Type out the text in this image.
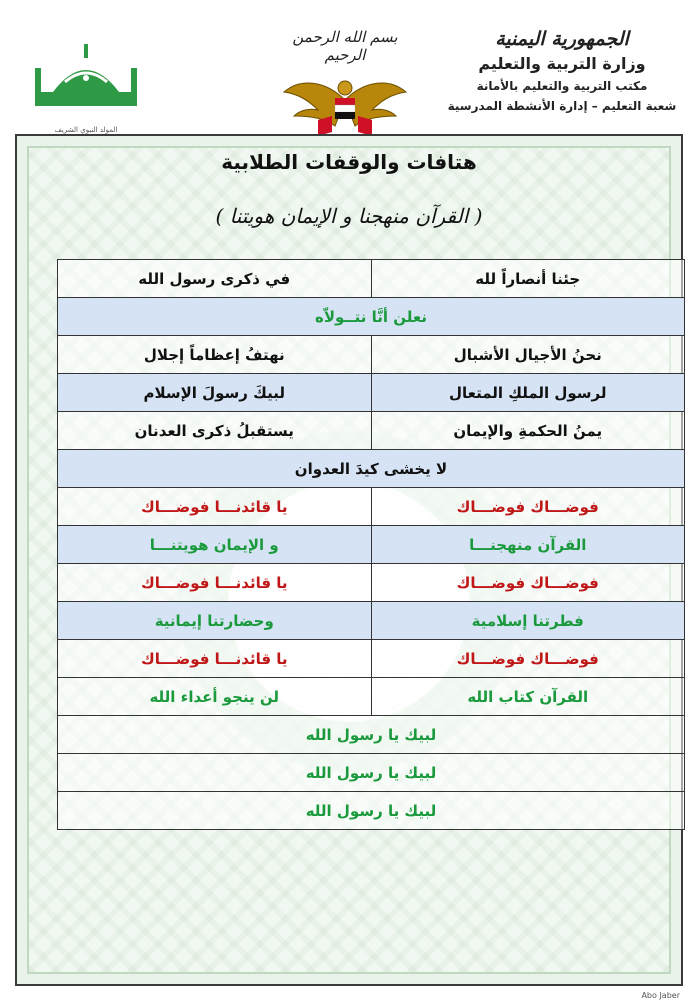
الجمهورية اليمنية
وزارة التربية والتعليم
مكتب التربية والتعليم بالأمانة
شعبة التعليم – إدارة الأنشطة المدرسية
بسم الله الرحمن الرحيم
المولد النبوي الشريف
هتافات والوقفات الطلابية
( القرآن منهجنا و الإيمان هويتنا )
جئنا أنصاراً لله	في ذكرى رسول الله
نعلن أنَّا نتــولاّه	
نحنُ الأجيال الأشبال	نهتفُ إعظاماً إجلال
لرسول الملكِ المتعال	لبيكَ رسولَ الإسلام
يمنُ الحكمةِ والإيمان	يستقبلُ ذكرى العدنان
لا يخشى كيدَ العدوان	
فوضـــاك فوضـــاك	يا قائدنـــا فوضـــاك
القرآن منهجنـــا	و الإيمان هويتنـــا
فوضـــاك فوضـــاك	يا قائدنـــا فوضـــاك
فطرتنا إسلامية	وحضارتنا إيمانية
فوضـــاك فوضـــاك	يا قائدنـــا فوضـــاك
القرآن كتاب الله	لن ينجو أعداء الله
لبيك يا رسول الله	
لبيك يا رسول الله	
لبيك يا رسول الله	
Abo Jaber
